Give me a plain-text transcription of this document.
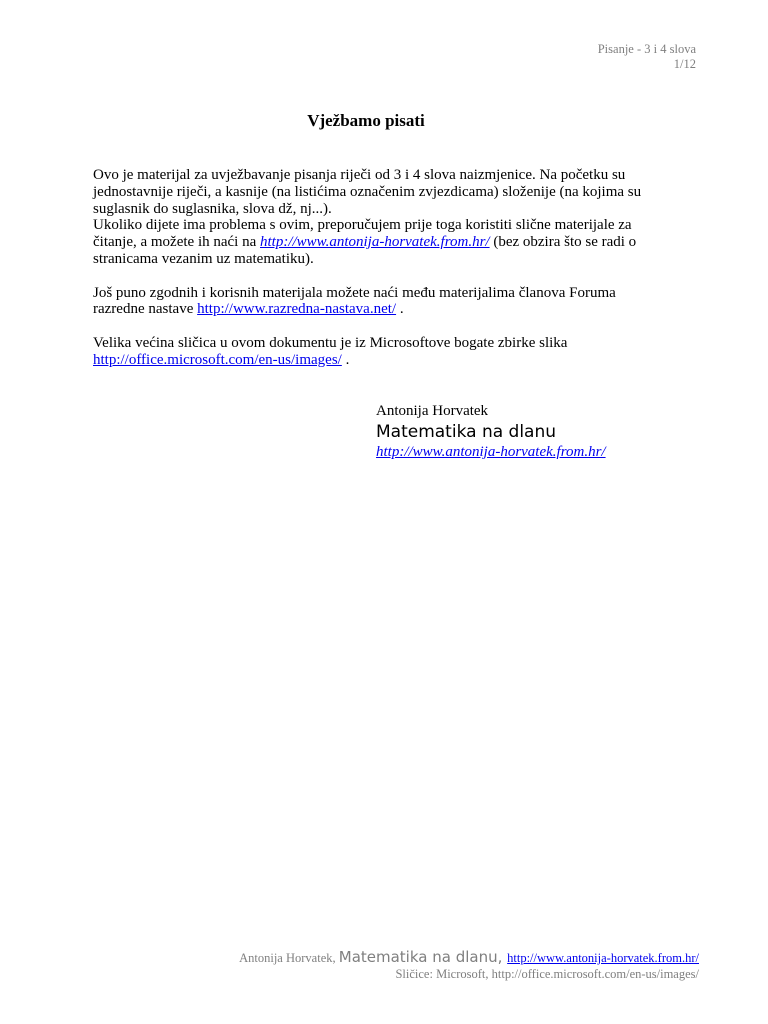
Pisanje - 3 i 4 slova
1/12
Vježbamo pisati

Ovo je materijal za uvježbavanje pisanja riječi od 3 i 4 slova naizmjenice. Na početku su jednostavnije riječi, a kasnije (na listićima označenim zvjezdicama) složenije (na kojima su suglasnik do suglasnika, slova dž, nj...).
Ukoliko dijete ima problema s ovim, preporučujem prije toga koristiti slične materijale za čitanje, a možete ih naći na http://www.antonija-horvatek.from.hr/ (bez obzira što se radi o stranicama vezanim uz matematiku).

Još puno zgodnih i korisnih materijala možete naći među materijalima članova Foruma razredne nastave http://www.razredna-nastava.net/ .

Velika većina sličica u ovom dokumentu je iz Microsoftove bogate zbirke slika http://office.microsoft.com/en-us/images/ .

Antonija Horvatek
Matematika na dlanu
http://www.antonija-horvatek.from.hr/
Antonija Horvatek, Matematika na dlanu, http://www.antonija-horvatek.from.hr/
Sličice: Microsoft, http://office.microsoft.com/en-us/images/
